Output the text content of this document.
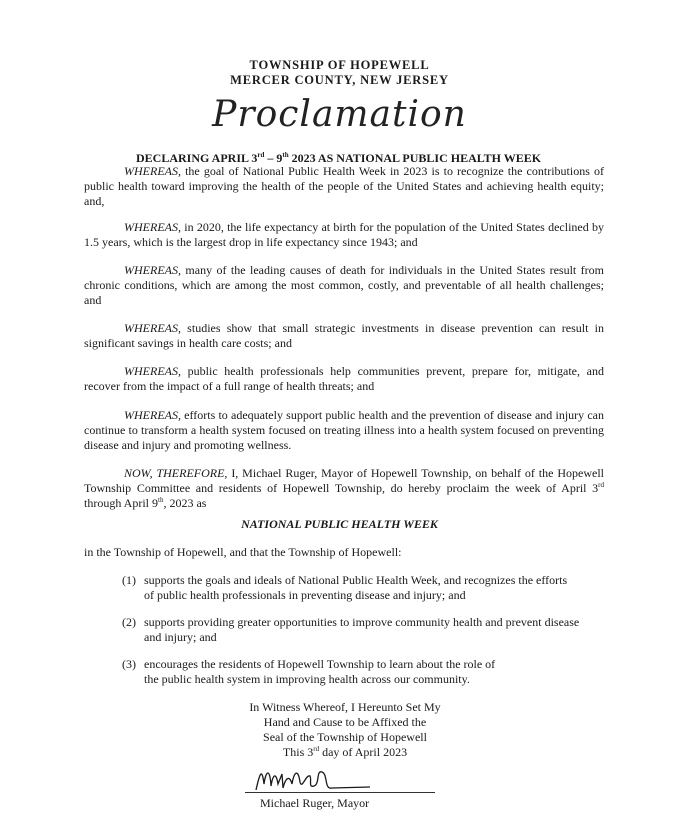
TOWNSHIP OF HOPEWELL
MERCER COUNTY, NEW JERSEY
Proclamation
DECLARING APRIL 3rd – 9th 2023 AS NATIONAL PUBLIC HEALTH WEEK
WHEREAS, the goal of National Public Health Week in 2023 is to recognize the contributions of public health toward improving the health of the people of the United States and achieving health equity; and,
WHEREAS, in 2020, the life expectancy at birth for the population of the United States declined by 1.5 years, which is the largest drop in life expectancy since 1943; and
WHEREAS, many of the leading causes of death for individuals in the United States result from chronic conditions, which are among the most common, costly, and preventable of all health challenges; and
WHEREAS, studies show that small strategic investments in disease prevention can result in significant savings in health care costs; and
WHEREAS, public health professionals help communities prevent, prepare for, mitigate, and recover from the impact of a full range of health threats; and
WHEREAS, efforts to adequately support public health and the prevention of disease and injury can continue to transform a health system focused on treating illness into a health system focused on preventing disease and injury and promoting wellness.
NOW, THEREFORE, I, Michael Ruger, Mayor of Hopewell Township, on behalf of the Hopewell Township Committee and residents of Hopewell Township, do hereby proclaim the week of April 3rd through April 9th, 2023 as
NATIONAL PUBLIC HEALTH WEEK
in the Township of Hopewell, and that the Township of Hopewell:
(1) supports the goals and ideals of National Public Health Week, and recognizes the efforts
of public health professionals in preventing disease and injury; and
(2) supports providing greater opportunities to improve community health and prevent disease
and injury; and
(3) encourages the residents of Hopewell Township to learn about the role of
the public health system in improving health across our community.
In Witness Whereof, I Hereunto Set My
Hand and Cause to be Affixed the
Seal of the Township of Hopewell
This 3rd day of April 2023
Michael Ruger, Mayor
